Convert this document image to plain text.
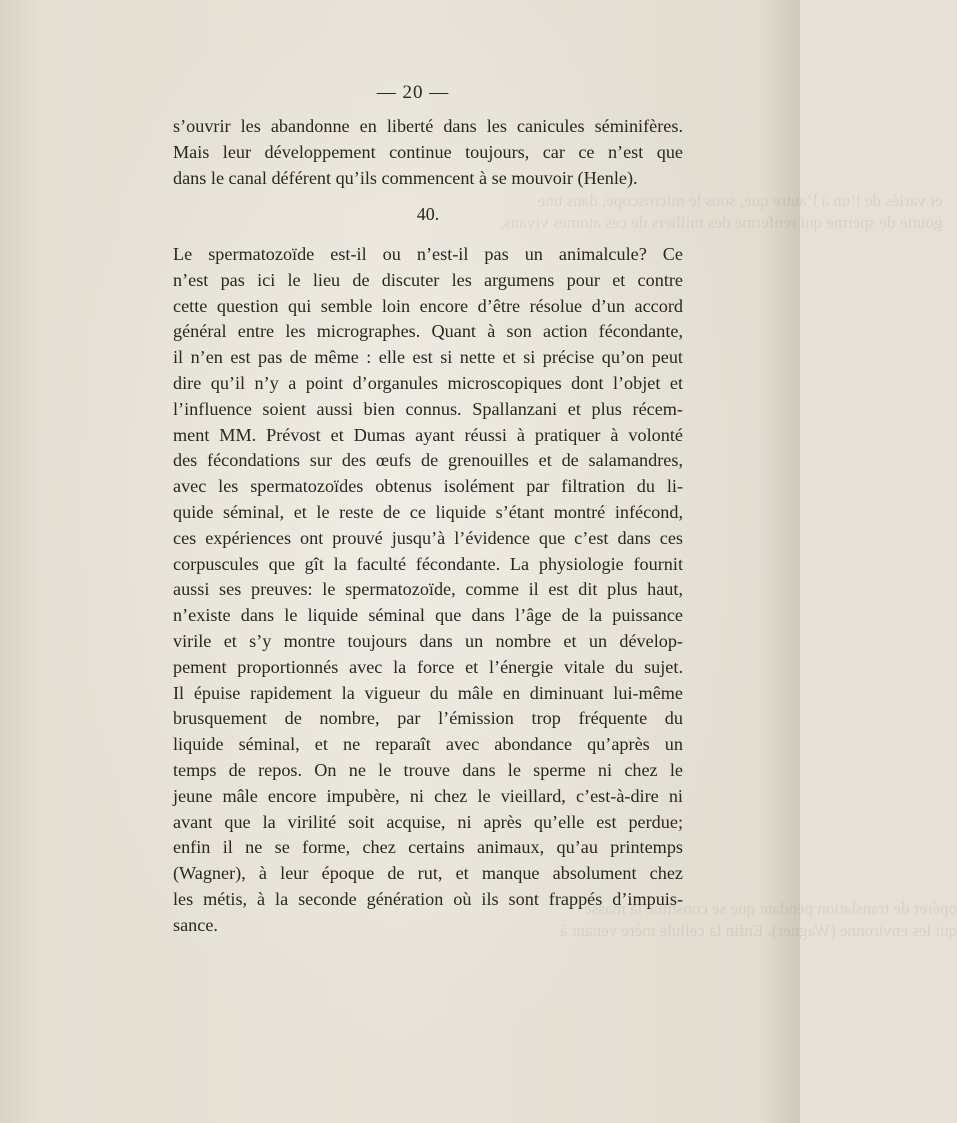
et variés de l’un à l’autre que, sous le microscope, dans une
goutte de sperme qui renferme des milliers de ces atomes vivans,
— 20 —
s’ouvrir les abandonne en liberté dans les canicules séminifères.
Mais leur développement continue toujours, car ce n’est que
dans le canal déférent qu’ils commencent à se mouvoir (Henle).
40.
Le spermatozoïde est-il ou n’est-il pas un animalcule? Ce
n’est pas ici le lieu de discuter les argumens pour et contre
cette question qui semble loin encore d’être résolue d’un accord
général entre les micrographes. Quant à son action fécondante,
il n’en est pas de même : elle est si nette et si précise qu’on peut
dire qu’il n’y a point d’organules microscopiques dont l’objet et
l’influence soient aussi bien connus. Spallanzani et plus récem-
ment MM. Prévost et Dumas ayant réussi à pratiquer à volonté
des fécondations sur des œufs de grenouilles et de salamandres,
avec les spermatozoïdes obtenus isolément par filtration du li-
quide séminal, et le reste de ce liquide s’étant montré infécond,
ces expériences ont prouvé jusqu’à l’évidence que c’est dans ces
corpuscules que gît la faculté fécondante. La physiologie fournit
aussi ses preuves: le spermatozoïde, comme il est dit plus haut,
n’existe dans le liquide séminal que dans l’âge de la puissance
virile et s’y montre toujours dans un nombre et un dévelop-
pement proportionnés avec la force et l’énergie vitale du sujet.
Il épuise rapidement la vigueur du mâle en diminuant lui-même
brusquement de nombre, par l’émission trop fréquente du
liquide séminal, et ne reparaît avec abondance qu’après un
temps de repos. On ne le trouve dans le sperme ni chez le
jeune mâle encore impubère, ni chez le vieillard, c’est-à-dire ni
avant que la virilité soit acquise, ni après qu’elle est perdue;
enfin il ne se forme, chez certains animaux, qu’au printemps
(Wagner), à leur époque de rut, et manque absolument chez
les métis, à la seconde génération où ils sont frappés d’impuis-
sance.
opérer de translation pendant que se constitue la masse
qui les environne (Wagner). Enfin la cellule mère venant à
